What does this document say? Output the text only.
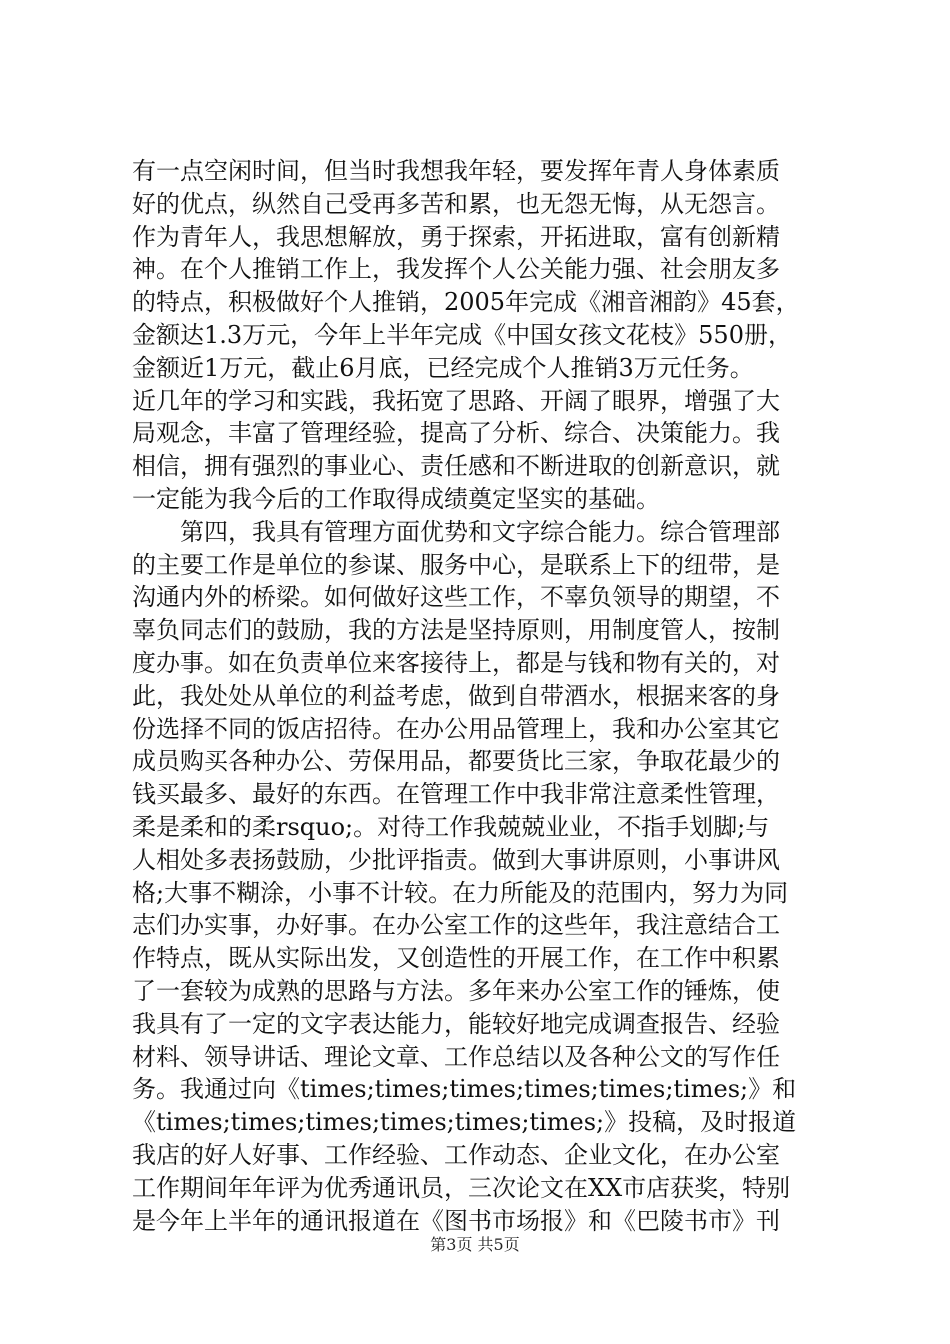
有一点空闲时间，但当时我想我年轻，要发挥年青人身体素质
好的优点，纵然自己受再多苦和累，也无怨无悔，从无怨言。
作为青年人，我思想解放，勇于探索，开拓进取，富有创新精
神。在个人推销工作上，我发挥个人公关能力强、社会朋友多
的特点，积极做好个人推销，2005年完成《湘音湘韵》45套，
金额达1.3万元，今年上半年完成《中国女孩文花枝》550册，
金额近1万元，截止6月底，已经完成个人推销3万元任务。
近几年的学习和实践，我拓宽了思路、开阔了眼界，增强了大
局观念，丰富了管理经验，提高了分析、综合、决策能力。我
相信，拥有强烈的事业心、责任感和不断进取的创新意识，就
一定能为我今后的工作取得成绩奠定坚实的基础。
第四，我具有管理方面优势和文字综合能力。综合管理部
的主要工作是单位的参谋、服务中心，是联系上下的纽带，是
沟通内外的桥梁。如何做好这些工作，不辜负领导的期望，不
辜负同志们的鼓励，我的方法是坚持原则，用制度管人，按制
度办事。如在负责单位来客接待上，都是与钱和物有关的，对
此，我处处从单位的利益考虑，做到自带酒水，根据来客的身
份选择不同的饭店招待。在办公用品管理上，我和办公室其它
成员购买各种办公、劳保用品，都要货比三家，争取花最少的
钱买最多、最好的东西。在管理工作中我非常注意柔性管理，
柔是柔和的柔rsquo;。对待工作我兢兢业业，不指手划脚;与
人相处多表扬鼓励，少批评指责。做到大事讲原则，小事讲风
格;大事不糊涂，小事不计较。在力所能及的范围内，努力为同
志们办实事，办好事。在办公室工作的这些年，我注意结合工
作特点，既从实际出发，又创造性的开展工作，在工作中积累
了一套较为成熟的思路与方法。多年来办公室工作的锤炼，使
我具有了一定的文字表达能力，能较好地完成调查报告、经验
材料、领导讲话、理论文章、工作总结以及各种公文的写作任
务。我通过向《times;times;times;times;times;times;》和
《times;times;times;times;times;times;》投稿，及时报道
我店的好人好事、工作经验、工作动态、企业文化，在办公室
工作期间年年评为优秀通讯员，三次论文在XX市店获奖，特别
是今年上半年的通讯报道在《图书市场报》和《巴陵书市》刊
第3页 共5页
